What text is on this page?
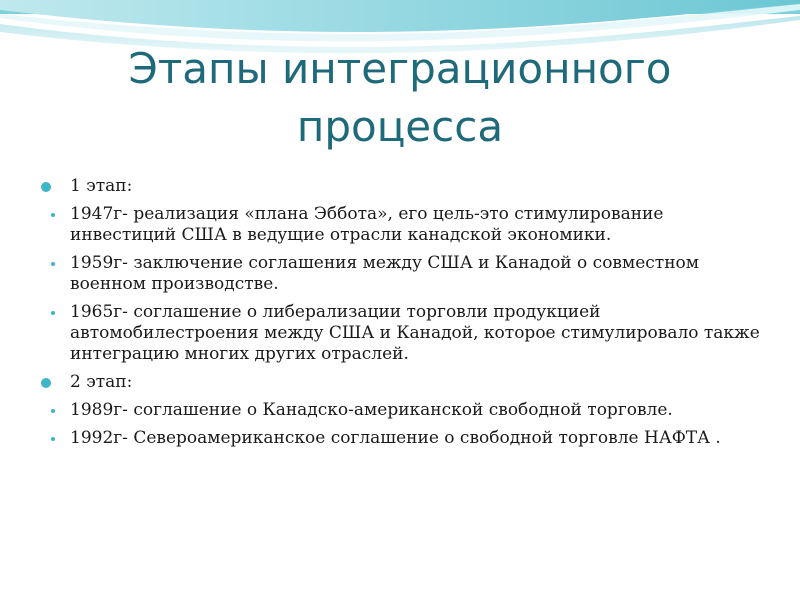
Этапы интеграционного процесса
1 этап:
1947г- реализация «плана Эббота», его цель-это стимулирование инвестиций США в ведущие отрасли канадской экономики.
1959г- заключение соглашения между США и Канадой о совместном военном производстве.
1965г- соглашение о либерализации торговли продукцией автомобилестроения между США и Канадой, которое стимулировало также интеграцию многих других отраслей.
2 этап:
1989г- соглашение о Канадско-американской свободной торговле.
1992г- Североамериканское соглашение о свободной торговле НАФТА .
